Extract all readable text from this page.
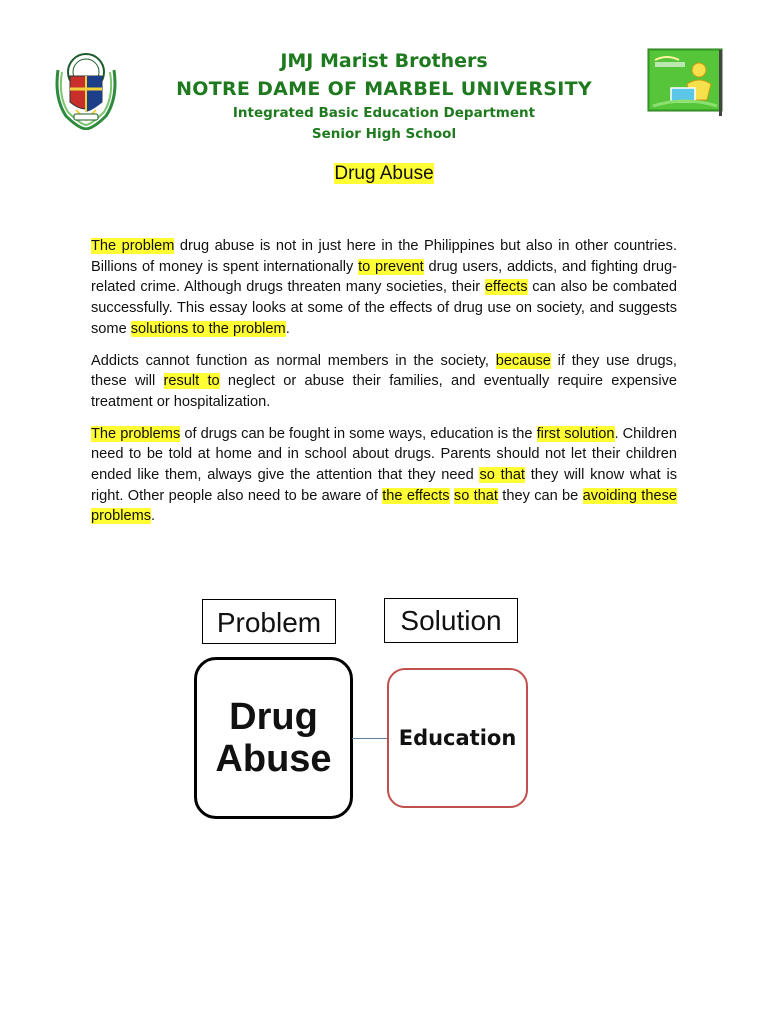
JMJ Marist Brothers
NOTRE DAME OF MARBEL UNIVERSITY
Integrated Basic Education Department
Senior High School
Drug Abuse

The problem drug abuse is not in just here in the Philippines but also in other countries. Billions of money is spent internationally to prevent drug users, addicts, and fighting drug-related crime. Although drugs threaten many societies, their effects can also be combated successfully. This essay looks at some of the effects of drug use on society, and suggests some solutions to the problem.

Addicts cannot function as normal members in the society, because if they use drugs, these will result to neglect or abuse their families, and eventually require expensive treatment or hospitalization.

The problems of drugs can be fought in some ways, education is the first solution. Children need to be told at home and in school about drugs. Parents should not let their children ended like them, always give the attention that they need so that they will know what is right. Other people also need to be aware of the effects so that they can be avoiding these problems.

Problem	Solution
Drug
Abuse	Education
